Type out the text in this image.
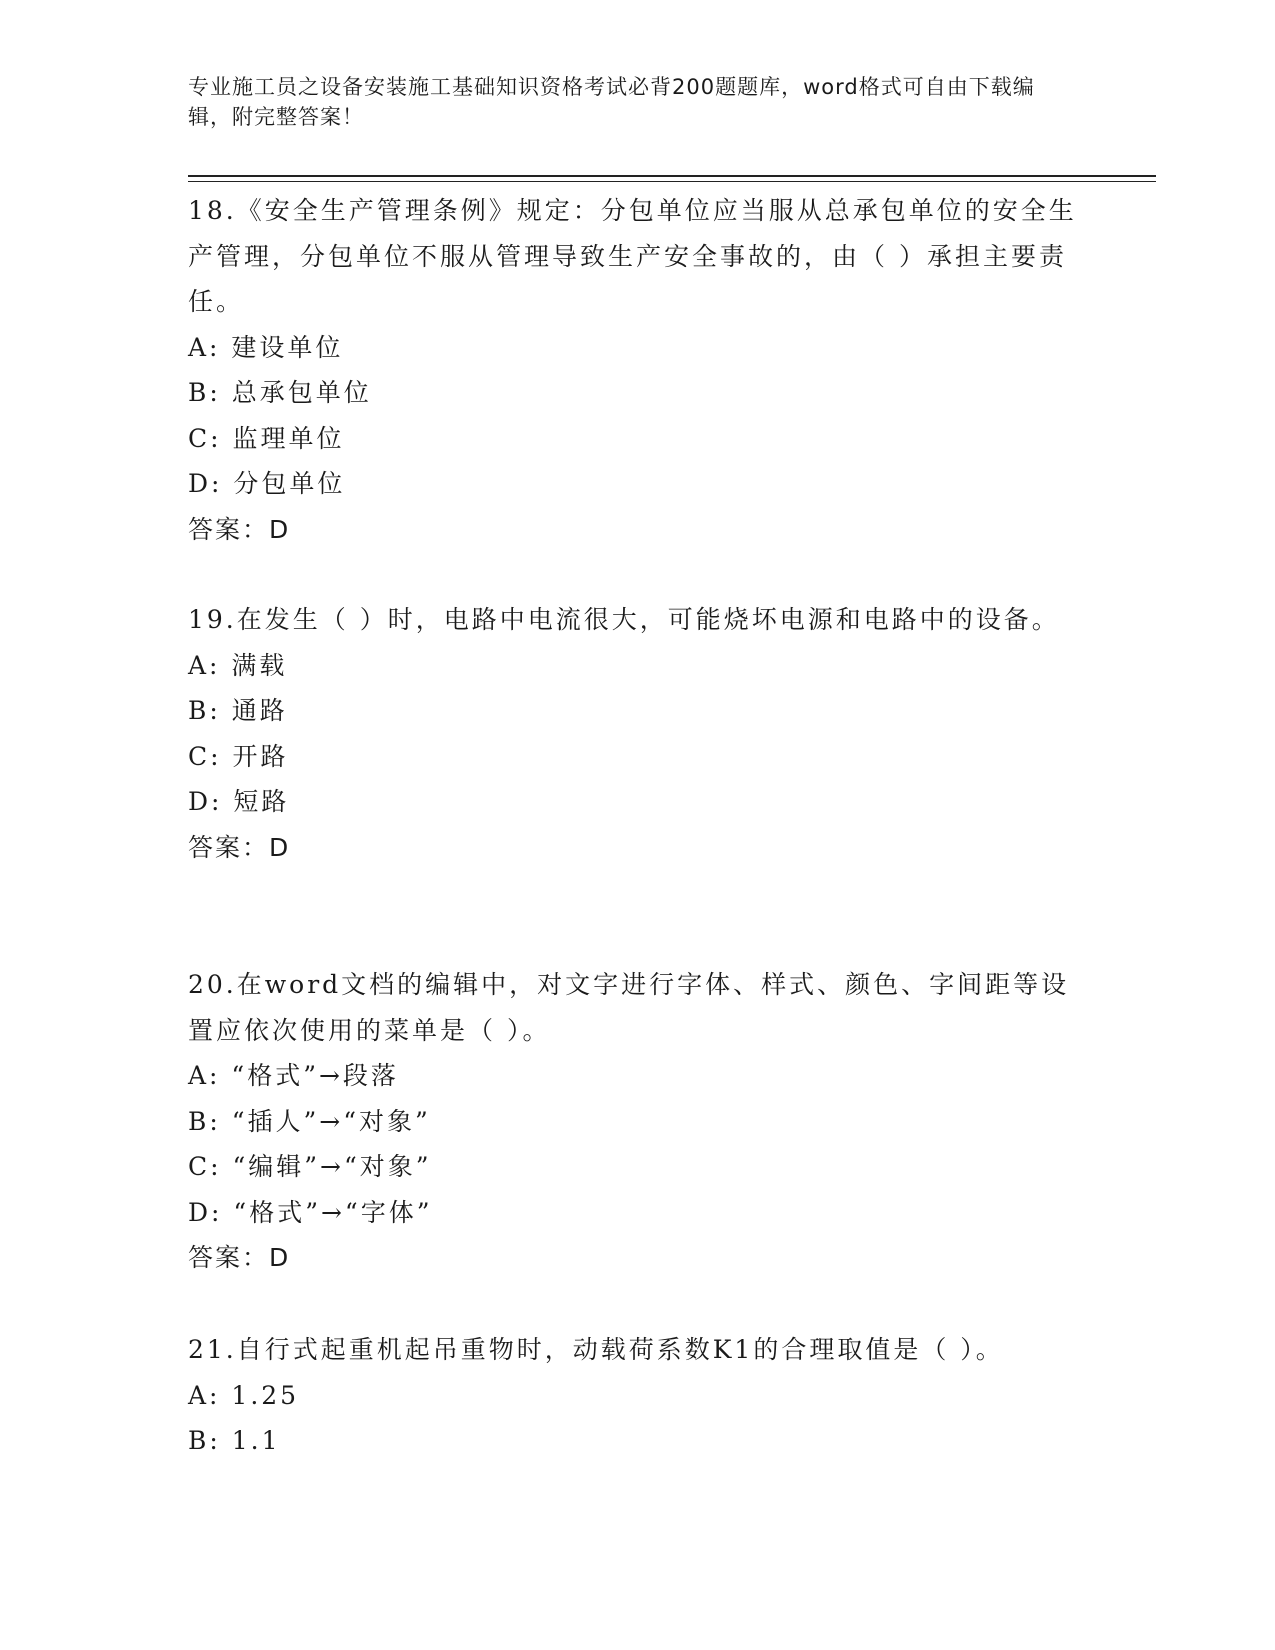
专业施工员之设备安装施工基础知识资格考试必背200题题库，word格式可自由下载编辑，附完整答案！

18.《安全生产管理条例》规定：分包单位应当服从总承包单位的安全生产管理，分包单位不服从管理导致生产安全事故的，由（ ）承担主要责任。

A: 建设单位

B: 总承包单位

C: 监理单位

D: 分包单位

答案：D

19.在发生（ ）时，电路中电流很大，可能烧坏电源和电路中的设备。

A: 满载

B: 通路

C: 开路

D: 短路

答案：D

20.在word文档的编辑中，对文字进行字体、样式、颜色、字间距等设置应依次使用的菜单是（ ）。

A: “格式”→段落

B: “插人”→“对象”

C: “编辑”→“对象”

D: “格式”→“字体”

答案：D

21.自行式起重机起吊重物时，动载荷系数K1的合理取值是（ ）。

A: 1.25

B: 1.1
